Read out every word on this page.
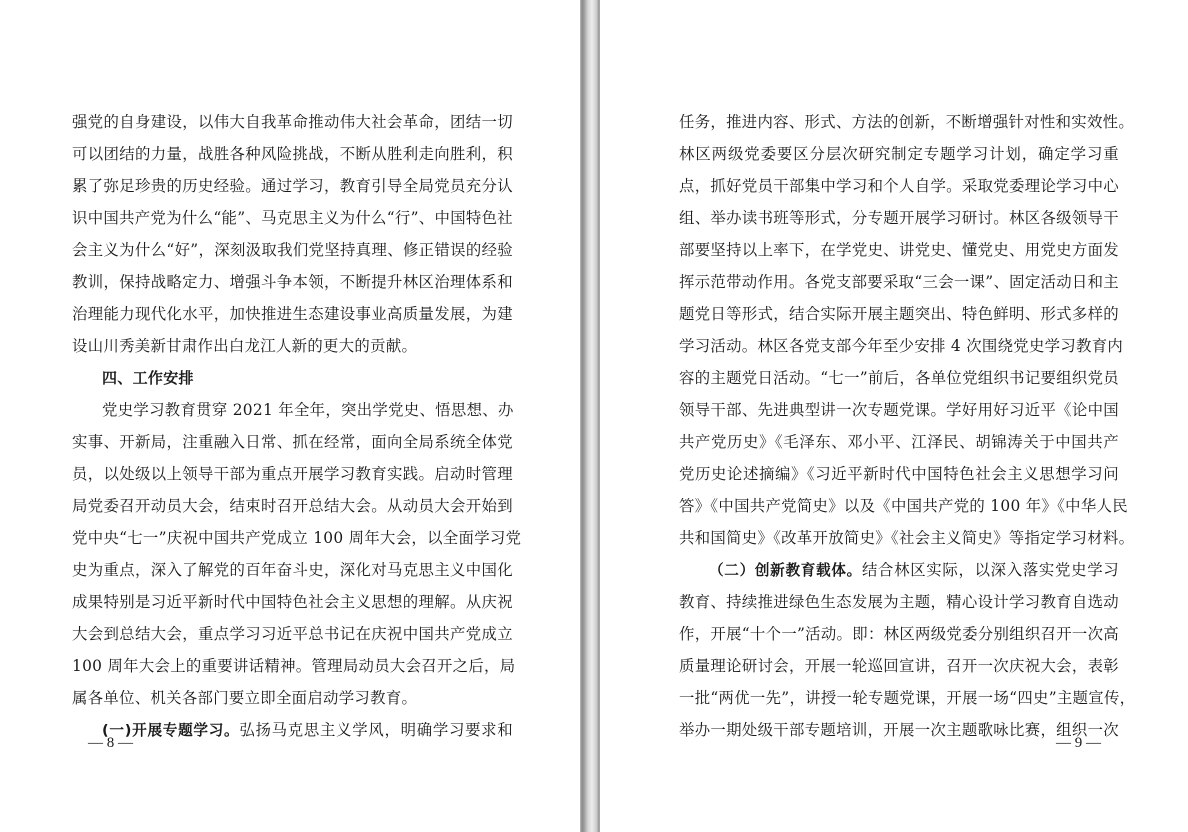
强党的自身建设，以伟大自我革命推动伟大社会革命，团结一切
可以团结的力量，战胜各种风险挑战，不断从胜利走向胜利，积
累了弥足珍贵的历史经验。通过学习，教育引导全局党员充分认
识中国共产党为什么“能”、马克思主义为什么“行”、中国特色社
会主义为什么“好”，深刻汲取我们党坚持真理、修正错误的经验
教训，保持战略定力、增强斗争本领，不断提升林区治理体系和
治理能力现代化水平，加快推进生态建设事业高质量发展，为建
设山川秀美新甘肃作出白龙江人新的更大的贡献。
四、工作安排
党史学习教育贯穿 2021 年全年，突出学党史、悟思想、办
实事、开新局，注重融入日常、抓在经常，面向全局系统全体党
员，以处级以上领导干部为重点开展学习教育实践。启动时管理
局党委召开动员大会，结束时召开总结大会。从动员大会开始到
党中央“七一”庆祝中国共产党成立 100 周年大会，以全面学习党
史为重点，深入了解党的百年奋斗史，深化对马克思主义中国化
成果特别是习近平新时代中国特色社会主义思想的理解。从庆祝
大会到总结大会，重点学习习近平总书记在庆祝中国共产党成立
100 周年大会上的重要讲话精神。管理局动员大会召开之后，局
属各单位、机关各部门要立即全面启动学习教育。
(一)开展专题学习。弘扬马克思主义学风，明确学习要求和
— 8 —
任务，推进内容、形式、方法的创新，不断增强针对性和实效性。
林区两级党委要区分层次研究制定专题学习计划，确定学习重
点，抓好党员干部集中学习和个人自学。采取党委理论学习中心
组、举办读书班等形式，分专题开展学习研讨。林区各级领导干
部要坚持以上率下，在学党史、讲党史、懂党史、用党史方面发
挥示范带动作用。各党支部要采取“三会一课”、固定活动日和主
题党日等形式，结合实际开展主题突出、特色鲜明、形式多样的
学习活动。林区各党支部今年至少安排 4 次围绕党史学习教育内
容的主题党日活动。“七一”前后，各单位党组织书记要组织党员
领导干部、先进典型讲一次专题党课。学好用好习近平《论中国
共产党历史》《毛泽东、邓小平、江泽民、胡锦涛关于中国共产
党历史论述摘编》《习近平新时代中国特色社会主义思想学习问
答》《中国共产党简史》以及《中国共产党的 100 年》《中华人民
共和国简史》《改革开放简史》《社会主义简史》等指定学习材料。
（二）创新教育载体。结合林区实际，以深入落实党史学习
教育、持续推进绿色生态发展为主题，精心设计学习教育自选动
作，开展“十个一”活动。即：林区两级党委分别组织召开一次高
质量理论研讨会，开展一轮巡回宣讲，召开一次庆祝大会，表彰
一批“两优一先”，讲授一轮专题党课，开展一场“四史”主题宣传，
举办一期处级干部专题培训，开展一次主题歌咏比赛，组织一次
— 9 —
